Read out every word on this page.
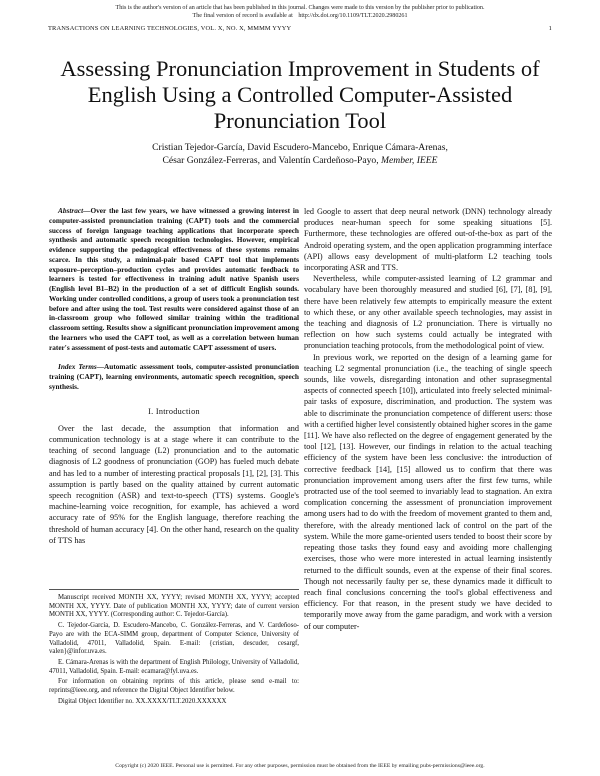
This is the author's version of an article that has been published in this journal. Changes were made to this version by the publisher prior to publication.
The final version of record is available at http://dx.doi.org/10.1109/TLT.2020.2980261
TRANSACTIONS ON LEARNING TECHNOLOGIES, VOL. X, NO. X, MMMM YYYY	1
Assessing Pronunciation Improvement in Students of English Using a Controlled Computer-Assisted Pronunciation Tool
Cristian Tejedor-García, David Escudero-Mancebo, Enrique Cámara-Arenas,
César González-Ferreras, and Valentín Cardeñoso-Payo, Member, IEEE

Abstract—Over the last few years, we have witnessed a growing interest in computer-assisted pronunciation training (CAPT) tools and the commercial success of foreign language teaching applications that incorporate speech synthesis and automatic speech recognition technologies. However, empirical evidence supporting the pedagogical effectiveness of these systems remains scarce. In this study, a minimal-pair based CAPT tool that implements exposure–perception–production cycles and provides automatic feedback to learners is tested for effectiveness in training adult native Spanish users (English level B1–B2) in the production of a set of difficult English sounds. Working under controlled conditions, a group of users took a pronunciation test before and after using the tool. Test results were considered against those of an in-classroom group who followed similar training within the traditional classroom setting. Results show a significant pronunciation improvement among the learners who used the CAPT tool, as well as a correlation between human rater's assessment of post-tests and automatic CAPT assessment of users.

Index Terms—Automatic assessment tools, computer-assisted pronunciation training (CAPT), learning environments, automatic speech recognition, speech synthesis.

I. Introduction

Over the last decade, the assumption that information and communication technology is at a stage where it can contribute to the teaching of second language (L2) pronunciation and to the automatic diagnosis of L2 goodness of pronunciation (GOP) has fueled much debate and has led to a number of interesting practical proposals [1], [2], [3]. This assumption is partly based on the quality attained by current automatic speech recognition (ASR) and text-to-speech (TTS) systems. Google's machine-learning voice recognition, for example, has achieved a word accuracy rate of 95% for the English language, therefore reaching the threshold of human accuracy [4]. On the other hand, research on the quality of TTS has

Manuscript received MONTH XX, YYYY; revised MONTH XX, YYYY; accepted MONTH XX, YYYY. Date of publication MONTH XX, YYYY; date of current version MONTH XX, YYYY. (Corresponding author: C. Tejedor-García).

C. Tejedor-García, D. Escudero-Mancebo, C. González-Ferreras, and V. Cardeñoso-Payo are with the ECA-SIMM group, department of Computer Science, University of Valladolid, 47011, Valladolid, Spain. E-mail: {cristian, descuder, cesargf, valen}@infor.uva.es.

E. Cámara-Arenas is with the department of English Philology, University of Valladolid, 47011, Valladolid, Spain. E-mail: ecamara@fyl.uva.es.

For information on obtaining reprints of this article, please send e-mail to: reprints@ieee.org, and reference the Digital Object Identifier below.

Digital Object Identifier no. XX.XXXX/TLT.2020.XXXXXX

led Google to assert that deep neural network (DNN) technology already produces near-human speech for some speaking situations [5]. Furthermore, these technologies are offered out-of-the-box as part of the Android operating system, and the open application programming interface (API) allows easy development of multi-platform L2 teaching tools incorporating ASR and TTS.

Nevertheless, while computer-assisted learning of L2 grammar and vocabulary have been thoroughly measured and studied [6], [7], [8], [9], there have been relatively few attempts to empirically measure the extent to which these, or any other available speech technologies, may assist in the teaching and diagnosis of L2 pronunciation. There is virtually no reflection on how such systems could actually be integrated with pronunciation teaching protocols, from the methodological point of view.

In previous work, we reported on the design of a learning game for teaching L2 segmental pronunciation (i.e., the teaching of single speech sounds, like vowels, disregarding intonation and other suprasegmental aspects of connected speech [10]), articulated into freely selected minimal-pair tasks of exposure, discrimination, and production. The system was able to discriminate the pronunciation competence of different users: those with a certified higher level consistently obtained higher scores in the game [11]. We have also reflected on the degree of engagement generated by the tool [12], [13]. However, our findings in relation to the actual teaching efficiency of the system have been less conclusive: the introduction of corrective feedback [14], [15] allowed us to confirm that there was pronunciation improvement among users after the first few turns, while protracted use of the tool seemed to invariably lead to stagnation. An extra complication concerning the assessment of pronunciation improvement among users had to do with the freedom of movement granted to them and, therefore, with the already mentioned lack of control on the part of the system. While the more game-oriented users tended to boost their score by repeating those tasks they found easy and avoiding more challenging exercises, those who were more interested in actual learning insistently returned to the difficult sounds, even at the expense of their final scores. Though not necessarily faulty per se, these dynamics made it difficult to reach final conclusions concerning the tool's global effectiveness and efficiency. For that reason, in the present study we have decided to temporarily move away from the game paradigm, and work with a version of our computer-

Copyright (c) 2020 IEEE. Personal use is permitted. For any other purposes, permission must be obtained from the IEEE by emailing pubs-permissions@ieee.org.
